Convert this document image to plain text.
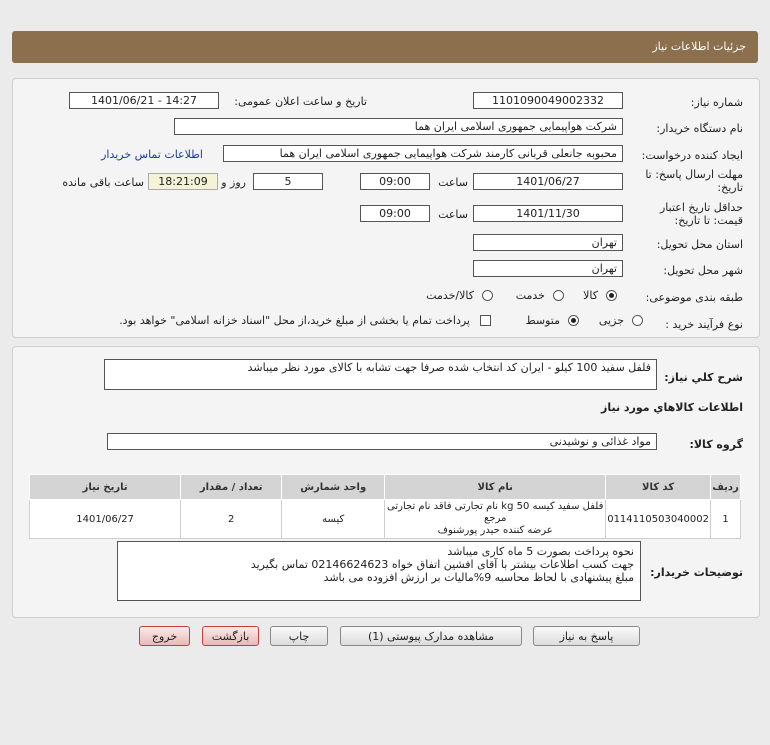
جزئیات اطلاعات نیاز
شماره نیاز:
1101090049002332
تاریخ و ساعت اعلان عمومی:
1401/06/21 - 14:27
نام دستگاه خریدار:
شرکت هواپیمایی جمهوری اسلامی ایران هما
ایجاد کننده درخواست:
محبوبه جانعلی قربانی کارمند شرکت هواپیمایی جمهوری اسلامی ایران هما
اطلاعات تماس خریدار
مهلت ارسال پاسخ: تا
تاریخ:
1401/06/27
ساعت
09:00
5
روز و
18:21:09
ساعت باقی مانده
حداقل تاریخ اعتبار
قیمت: تا تاریخ:
1401/11/30
ساعت
09:00
استان محل تحویل:
تهران
شهر محل تحویل:
تهران
طبقه بندی موضوعی:
کالا
خدمت
کالا/خدمت
نوع فرآیند خرید :
جزیی
متوسط
پرداخت تمام یا بخشی از مبلغ خرید،از محل "اسناد خزانه اسلامی" خواهد بود.
شرح کلي نياز:
فلفل سفید 100 کیلو - ایران کد انتخاب شده صرفا جهت تشابه با کالای مورد نظر میباشد
اطلاعات کالاهاي مورد نياز
گروه کالا:
مواد غذائی و نوشیدنی
ردیف	کد کالا	نام کالا	واحد شمارش	تعداد / مقدار	تاریخ نیاز
1	0114110503040002	فلفل سفید کیسه 50 kg نام تجارتی فاقد نام تجارتی مرجع
عرضه کننده حیدر پورشنوف	کیسه	2	1401/06/27
توضیحات خریدار:
نحوه پرداخت بصورت 5 ماه کاری میباشد
جهت کسب اطلاعات بیشتر با آقای افشین اتفاق خواه 02146624623 تماس بگیرید
مبلغ پیشنهادی با لحاظ محاسبه 9%مالیات بر ارزش افزوده می باشد
پاسخ به نیاز
مشاهده مدارک پیوستی (1)
چاپ
بازگشت
خروج
